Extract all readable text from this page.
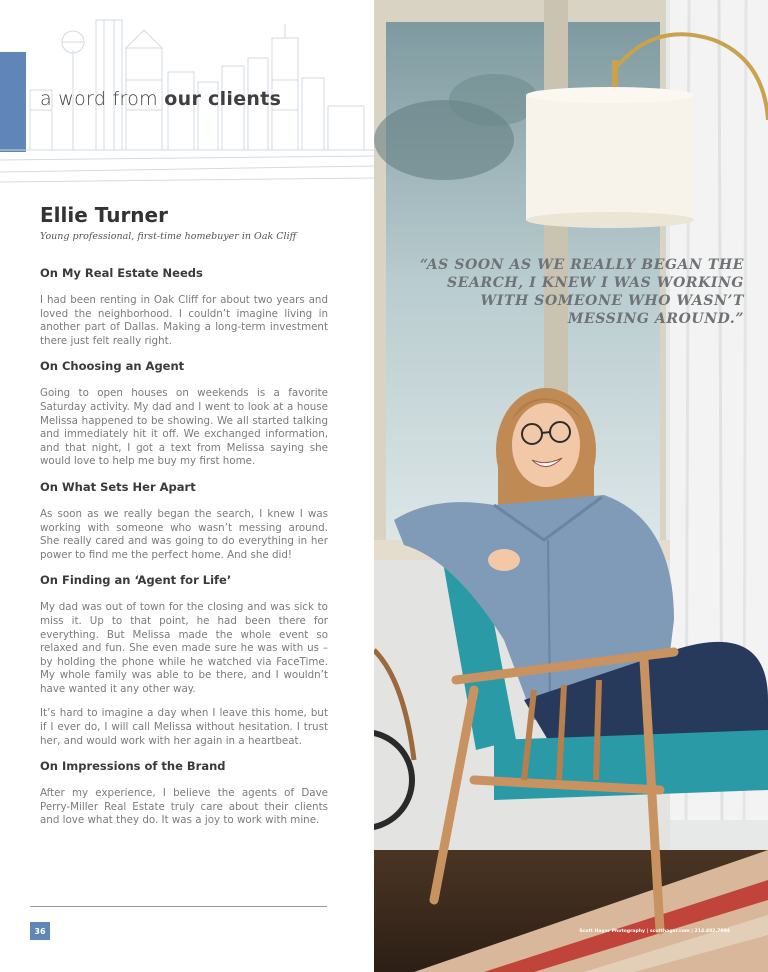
a word from our clients
Ellie Turner
Young professional, first-time homebuyer in Oak Cliff
On My Real Estate Needs

I had been renting in Oak Cliff for about two years and loved the neighborhood. I couldn’t imagine living in another part of Dallas. Making a long-term investment there just felt really right.

On Choosing an Agent

Going to open houses on weekends is a favorite Saturday activity. My dad and I went to look at a house Melissa happened to be showing. We all started talking and immediately hit it off. We exchanged information, and that night, I got a text from Melissa saying she would love to help me buy my first home.

On What Sets Her Apart

As soon as we really began the search, I knew I was working with someone who wasn’t messing around. She really cared and was going to do everything in her power to find me the perfect home. And she did!

On Finding an ‘Agent for Life’

My dad was out of town for the closing and was sick to miss it. Up to that point, he had been there for everything. But Melissa made the whole event so relaxed and fun. She even made sure he was with us – by holding the phone while he watched via FaceTime. My whole family was able to be there, and I wouldn’t have wanted it any other way.

It’s hard to imagine a day when I leave this home, but if I ever do, I will call Melissa without hesitation. I trust her, and would work with her again in a heartbeat.

On Impressions of the Brand

After my experience, I believe the agents of Dave Perry-Miller Real Estate truly care about their clients and love what they do. It was a joy to work with mine.

36
“AS SOON AS WE REALLY BEGAN THE SEARCH, I KNEW I WAS WORKING WITH SOMEONE WHO WASN’T MESSING AROUND.”
Scott Hagar Photography | scotthagar.com | 214.402.7994
